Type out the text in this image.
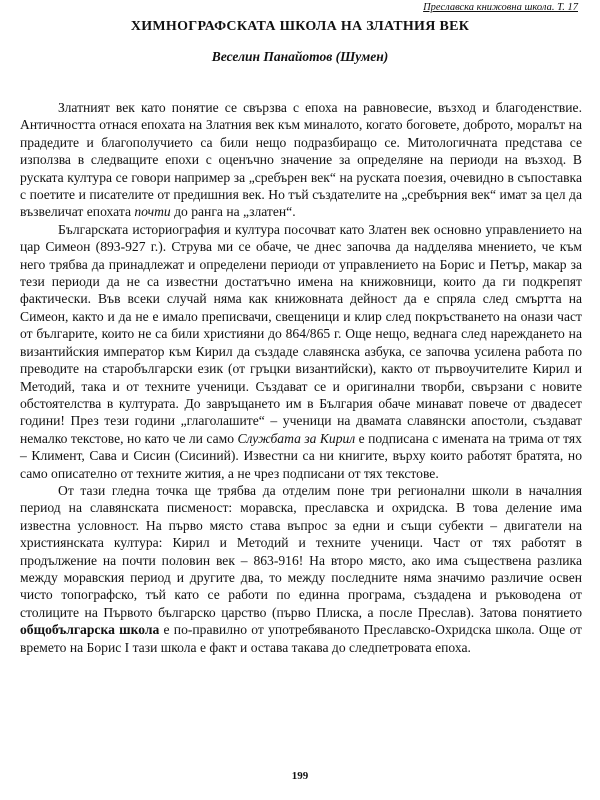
Преславска книжовна школа. Т. 17
ХИМНОГРАФСКАТА ШКОЛА НА ЗЛАТНИЯ ВЕК
Веселин Панайотов (Шумен)

Златният век като понятие се свързва с епоха на равновесие, възход и благоденствие. Античността отнася епохата на Златния век към миналото, когато боговете, доброто, моралът на прадедите и благополучието са били нещо подразбиращо се. Митологичната представа се използва в следващите епохи с оценъчно значение за определяне на периоди на възход. В руската култура се говори например за „сребърен век“ на руската поезия, очевидно в съпоставка с поетите и писателите от предишния век. Но тъй създателите на „сребърния век“ имат за цел да възвеличат епохата почти до ранга на „златен“.

Българската историография и култура посочват като Златен век основно управлението на цар Симеон (893-927 г.). Струва ми се обаче, че днес започва да надделява мнението, че към него трябва да принадлежат и определени периоди от управлението на Борис и Петър, макар за тези периоди да не са известни достатъчно имена на книжовници, които да ги подкрепят фактически. Във всеки случай няма как книжовната дейност да е спряла след смъртта на Симеон, както и да не е имало преписвачи, свещеници и клир след покръстването на онази част от българите, които не са били християни до 864/865 г. Още нещо, веднага след нареждането на византийския император към Кирил да създаде славянска азбука, се започва усилена работа по преводите на старобългарски език (от гръцки византийски), както от първоучителите Кирил и Методий, така и от техните ученици. Създават се и оригинални творби, свързани с новите обстоятелства в културата. До завръщането им в България обаче минават повече от двадесет години! През тези години „глаголашите“ – ученици на двамата славянски апостоли, създават немалко текстове, но като че ли само Службата за Кирил е подписана с имената на трима от тях – Климент, Сава и Сисин (Сисиний). Известни са ни книгите, върху които работят братята, но само описателно от техните жития, а не чрез подписани от тях текстове.

От тази гледна точка ще трябва да отделим поне три регионални школи в началния период на славянската писменост: моравска, преславска и охридска. В това деление има известна условност. На първо място става въпрос за едни и същи субекти – двигатели на християнската култура: Кирил и Методий и техните ученици. Част от тях работят в продължение на почти половин век – 863-916! На второ място, ако има съществена разлика между моравския период и другите два, то между последните няма значимо различие освен чисто топографско, тъй като се работи по единна програма, създадена и ръководена от столиците на Първото българско царство (първо Плиска, а после Преслав). Затова понятието общобългарска школа е по-правилно от употребявaното Преславско-Охридска школа. Още от времето на Борис I тази школа е факт и остава такава до следпетровата епоха.

199
